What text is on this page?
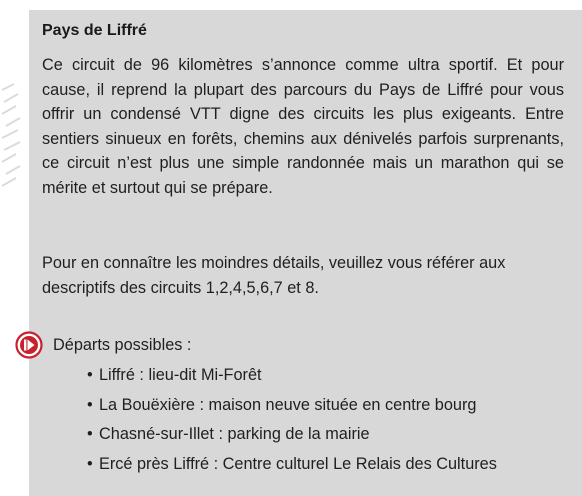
Pays de Liffré
Ce circuit de 96 kilomètres s’annonce comme ultra sportif. Et pour cause, il reprend la plupart des parcours du Pays de Liffré pour vous offrir un condensé VTT digne des circuits les plus exigeants. Entre sentiers sinueux en forêts, chemins aux dénivelés parfois surprenants, ce circuit n’est plus une simple randonnée mais un marathon qui se mérite et surtout qui se prépare.
Pour en connaître les moindres détails, veuillez vous référer aux descriptifs des circuits 1,2,4,5,6,7 et 8.
Départs possibles :
• Liffré : lieu-dit Mi-Forêt
• La Bouëxière : maison neuve située en centre bourg
• Chasné-sur-Illet : parking de la mairie
• Ercé près Liffré : Centre culturel Le Relais des Cultures
